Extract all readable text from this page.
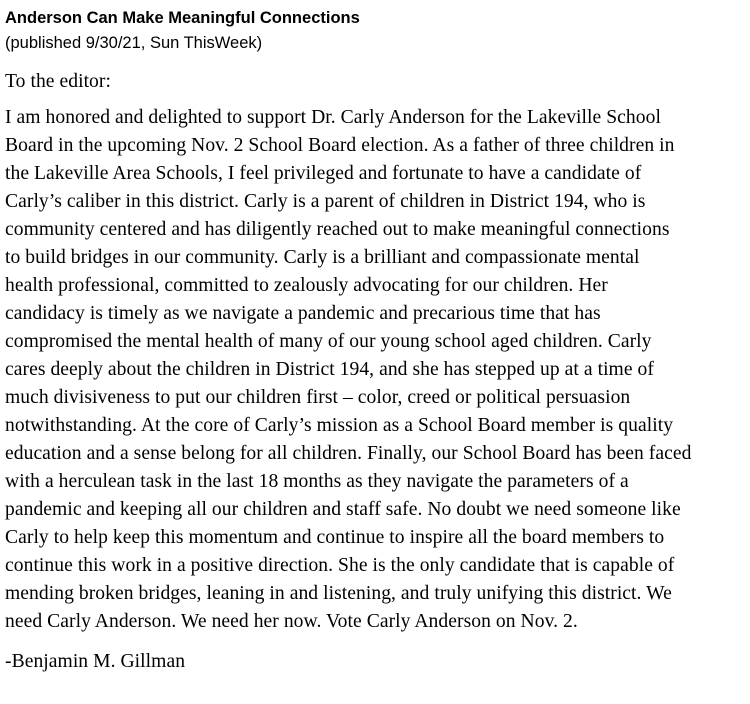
Anderson Can Make Meaningful Connections
(published 9/30/21, Sun ThisWeek)
To the editor:
I am honored and delighted to support Dr. Carly Anderson for the Lakeville School
Board in the upcoming Nov. 2 School Board election. As a father of three children in
the Lakeville Area Schools, I feel privileged and fortunate to have a candidate of
Carly’s caliber in this district. Carly is a parent of children in District 194, who is
community centered and has diligently reached out to make meaningful connections
to build bridges in our community. Carly is a brilliant and compassionate mental
health professional, committed to zealously advocating for our children. Her
candidacy is timely as we navigate a pandemic and precarious time that has
compromised the mental health of many of our young school aged children. Carly
cares deeply about the children in District 194, and she has stepped up at a time of
much divisiveness to put our children first – color, creed or political persuasion
notwithstanding. At the core of Carly’s mission as a School Board member is quality
education and a sense belong for all children. Finally, our School Board has been faced
with a herculean task in the last 18 months as they navigate the parameters of a
pandemic and keeping all our children and staff safe. No doubt we need someone like
Carly to help keep this momentum and continue to inspire all the board members to
continue this work in a positive direction. She is the only candidate that is capable of
mending broken bridges, leaning in and listening, and truly unifying this district. We
need Carly Anderson. We need her now. Vote Carly Anderson on Nov. 2.
-Benjamin M. Gillman
